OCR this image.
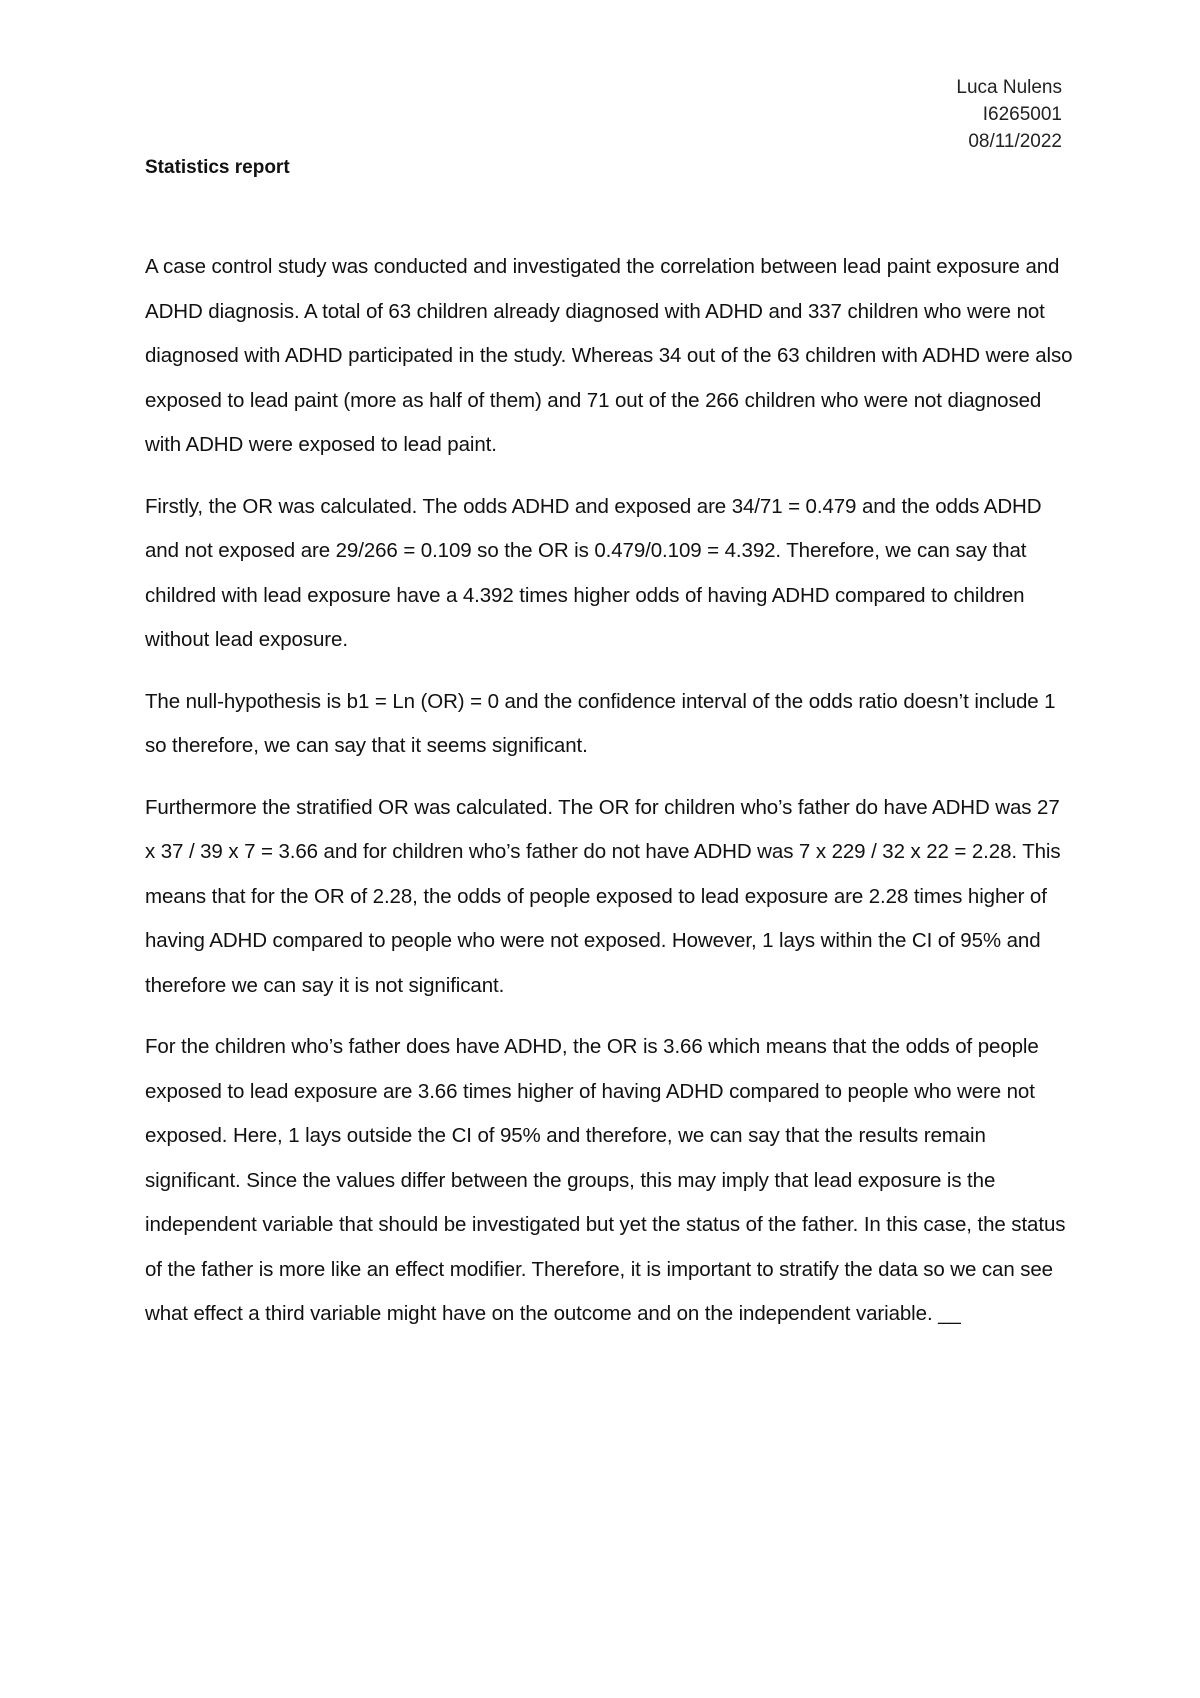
Luca Nulens
I6265001
08/11/2022
Statistics report

A case control study was conducted and investigated the correlation between lead paint exposure and ADHD diagnosis. A total of 63 children already diagnosed with ADHD and 337 children who were not diagnosed with ADHD participated in the study. Whereas 34 out of the 63 children with ADHD were also exposed to lead paint (more as half of them) and 71 out of the 266 children who were not diagnosed with ADHD were exposed to lead paint.

Firstly, the OR was calculated. The odds ADHD and exposed are 34/71 = 0.479 and the odds ADHD and not exposed are 29/266 = 0.109 so the OR is 0.479/0.109 = 4.392. Therefore, we can say that childred with lead exposure have a 4.392 times higher odds of having ADHD compared to children without lead exposure.

The null-hypothesis is b1 = Ln (OR) = 0 and the confidence interval of the odds ratio doesn’t include 1 so therefore, we can say that it seems significant.

Furthermore the stratified OR was calculated. The OR for children who’s father do have ADHD was 27 x 37 / 39 x 7 = 3.66 and for children who’s father do not have ADHD was 7 x 229 / 32 x 22 = 2.28. This means that for the OR of 2.28, the odds of people exposed to lead exposure are 2.28 times higher of having ADHD compared to people who were not exposed. However, 1 lays within the CI of 95% and therefore we can say it is not significant.

For the children who’s father does have ADHD, the OR is 3.66 which means that the odds of people exposed to lead exposure are 3.66 times higher of having ADHD compared to people who were not exposed. Here, 1 lays outside the CI of 95% and therefore, we can say that the results remain significant. Since the values differ between the groups, this may imply that lead exposure is the independent variable that should be investigated but yet the status of the father. In this case, the status of the father is more like an effect modifier. Therefore, it is important to stratify the data so we can see what effect a third variable might have on the outcome and on the independent variable. __
